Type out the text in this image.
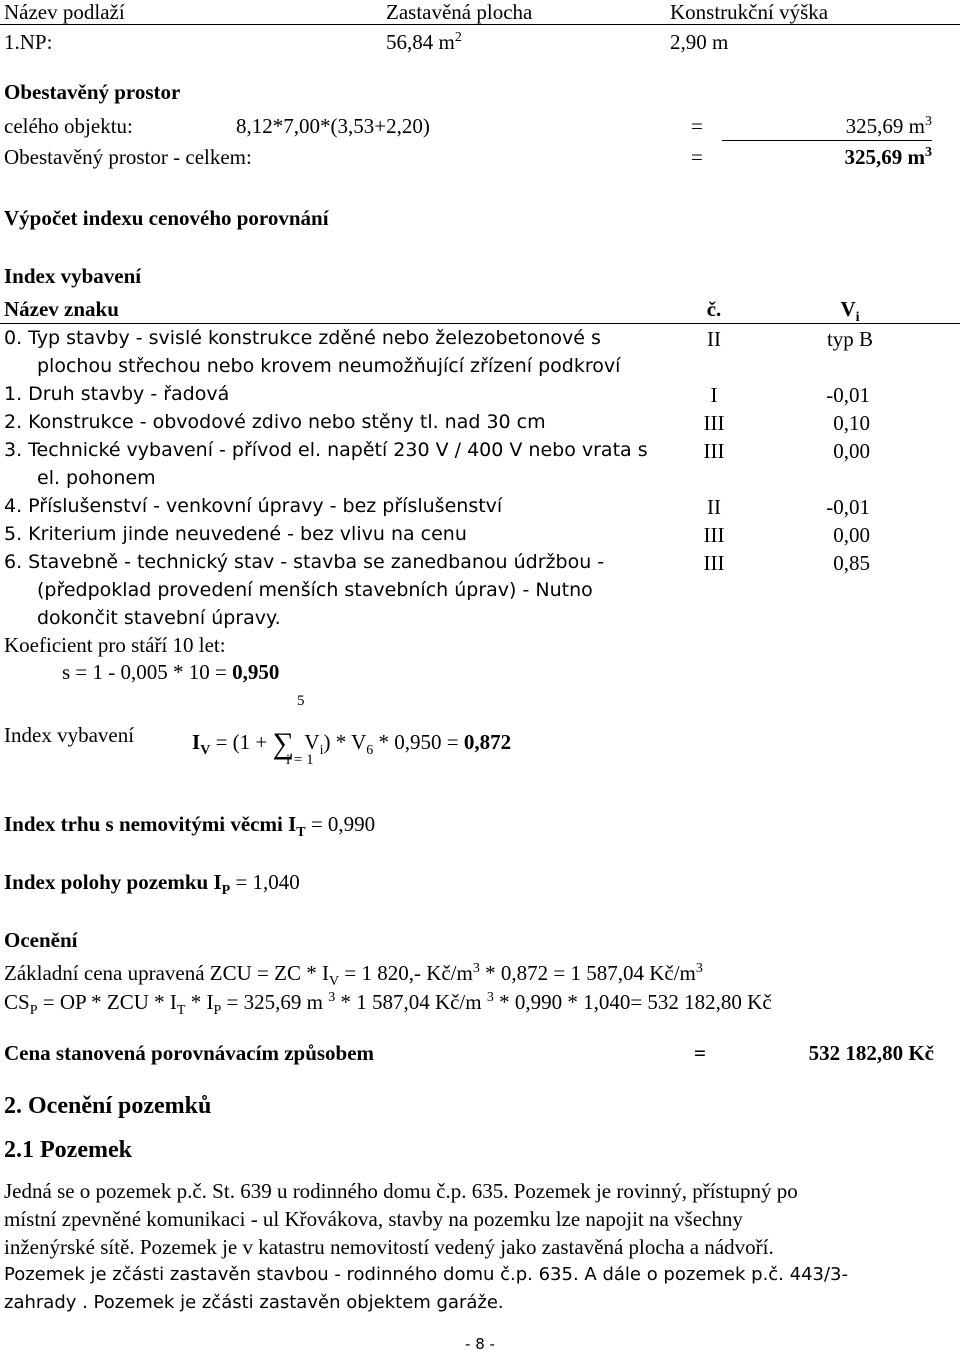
Název podlaží	Zastavěná plocha	Konstrukční výška
1.NP:	56,84 $m^2$	2,90 m
Obestavěný prostor
celého objektu:	8,12*7,00*(3,53+2,20)	=	325,69 $m^3$
Obestavěný prostor - celkem:	=	325,69 $m^3$
Výpočet indexu cenového porovnání
Index vybavení
Název znaku	č.	$V_i$
0. Typ stavby - svislé konstrukce zděné nebo železobetonové s
plochou střechou nebo krovem neumožňující zřízení podkroví
II	typ B
1. Druh stavby - řadová	I	-0,01
2. Konstrukce - obvodové zdivo nebo stěny tl. nad 30 cm	III	0,10
3. Technické vybavení - přívod el. napětí 230 V / 400 V nebo vrata s
el. pohonem
III	0,00
4. Příslušenství - venkovní úpravy - bez příslušenství	II	-0,01
5. Kriterium jinde neuvedené - bez vlivu na cenu	III	0,00
6. Stavebně - technický stav - stavba se zanedbanou údržbou -
(předpoklad provedení menších stavebních úprav) - Nutno
dokončit stavební úpravy.
III	0,85
Koeficient pro stáří 10 let:
s = 1 - 0,005 * 10 = 0,950
Index vybavení
5
i = 1
$I_V = (1$ + ∑ $V_i) * V_6 * 0,950 = 0,872$
Index trhu s nemovitými věcmi $I_T = 0,990$
Index polohy pozemku $I_P = 1,040$
Ocenění
Základní cena upravená ZCU = ZC * $I_V = 1$ 820,- $Kč/m^3 * 0,872 = 1$ 587,04 $Kč/m^3$
$CS_P$ = OP * ZCU * $I_T * I_P = 325,69$ m $^3$ * 1 587,04 Kč/m $^3$ * 0,990 * 1,040= 532 182,80 Kč
Cena stanovená porovnávacím způsobem	=	532 182,80 Kč
2. Ocenění pozemků
2.1 Pozemek
Jedná se o pozemek p.č. St. 639 u rodinného domu č.p. 635. Pozemek je rovinný, přístupný po
místní zpevněné komunikaci - ul Křovákova, stavby na pozemku lze napojit na všechny
inženýrské sítě. Pozemek je v katastru nemovitostí vedený jako zastavěná plocha a nádvoří.
Pozemek je zčásti zastavěn stavbou - rodinného domu č.p. 635. A dále o pozemek p.č. 443/3-
zahrady . Pozemek je zčásti zastavěn objektem garáže.
- 8 -
